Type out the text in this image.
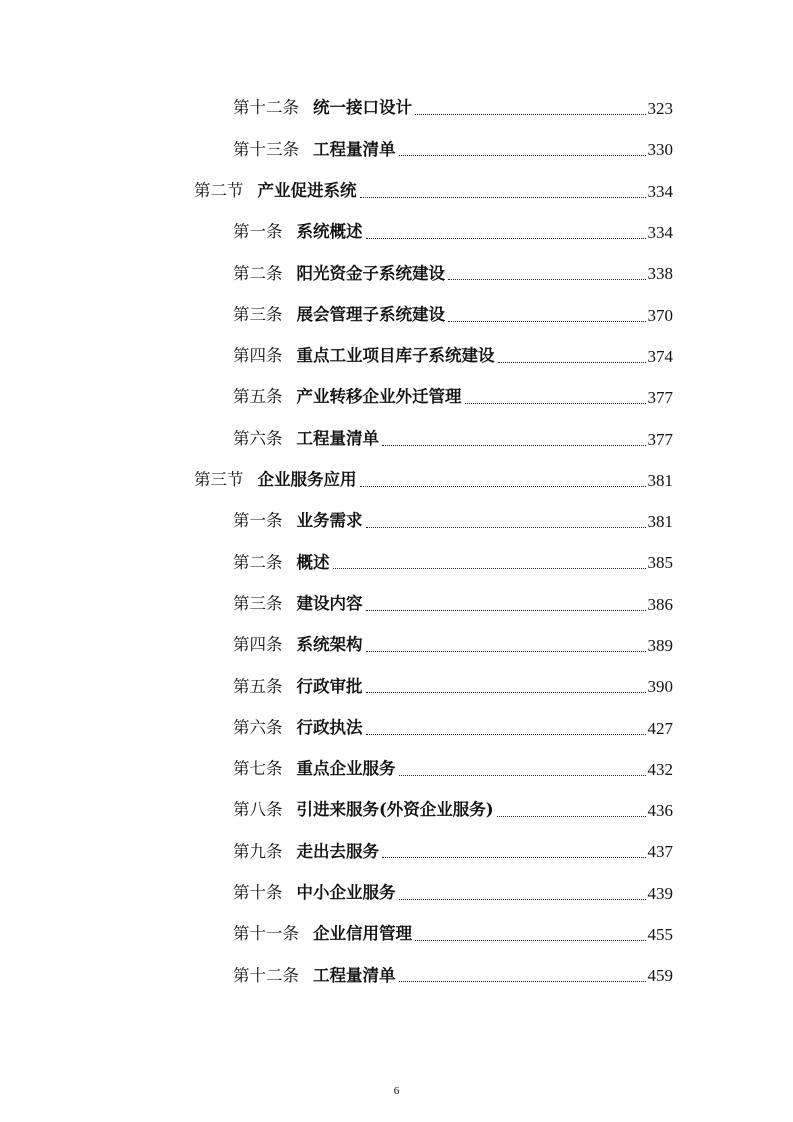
第十二条 统一接口设计	323
第十三条 工程量清单	330
第二节 产业促进系统	334
第一条 系统概述	334
第二条 阳光资金子系统建设	338
第三条 展会管理子系统建设	370
第四条 重点工业项目库子系统建设	374
第五条 产业转移企业外迁管理	377
第六条 工程量清单	377
第三节 企业服务应用	381
第一条 业务需求	381
第二条 概述	385
第三条 建设内容	386
第四条 系统架构	389
第五条 行政审批	390
第六条 行政执法	427
第七条 重点企业服务	432
第八条 引进来服务(外资企业服务)	436
第九条 走出去服务	437
第十条 中小企业服务	439
第十一条 企业信用管理	455
第十二条 工程量清单	459
6
